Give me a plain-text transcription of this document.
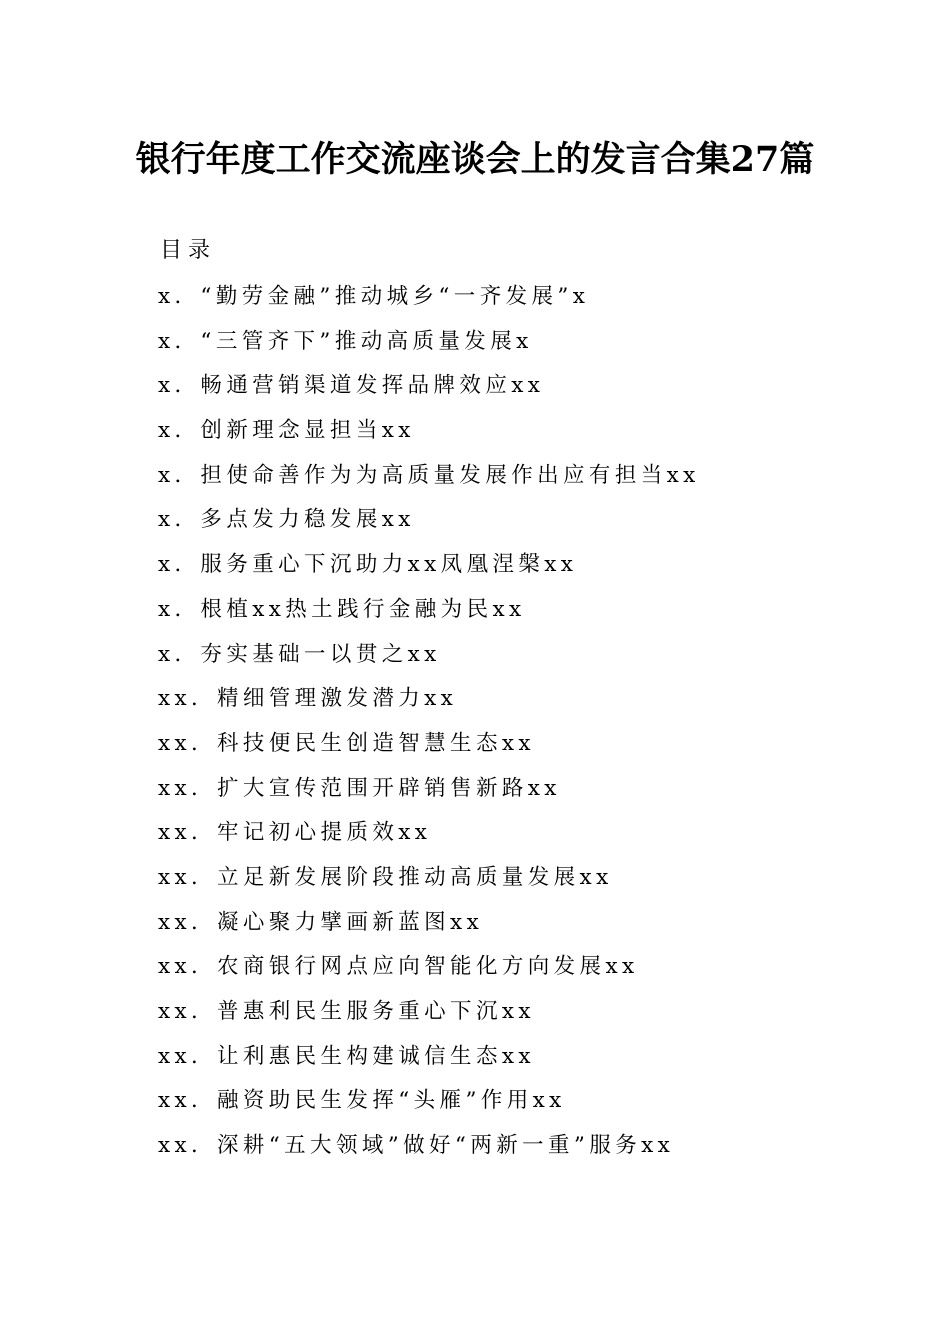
银行年度工作交流座谈会上的发言合集27篇
目录
x．“勤劳金融”推动城乡“一齐发展”x
x．“三管齐下”推动高质量发展x
x．畅通营销渠道发挥品牌效应xx
x．创新理念显担当xx
x．担使命善作为为高质量发展作出应有担当xx
x．多点发力稳发展xx
x．服务重心下沉助力xx凤凰涅槃xx
x．根植xx热土践行金融为民xx
x．夯实基础一以贯之xx
xx．精细管理激发潜力xx
xx．科技便民生创造智慧生态xx
xx．扩大宣传范围开辟销售新路xx
xx．牢记初心提质效xx
xx．立足新发展阶段推动高质量发展xx
xx．凝心聚力擘画新蓝图xx
xx．农商银行网点应向智能化方向发展xx
xx．普惠利民生服务重心下沉xx
xx．让利惠民生构建诚信生态xx
xx．融资助民生发挥“头雁”作用xx
xx．深耕“五大领域”做好“两新一重”服务xx
